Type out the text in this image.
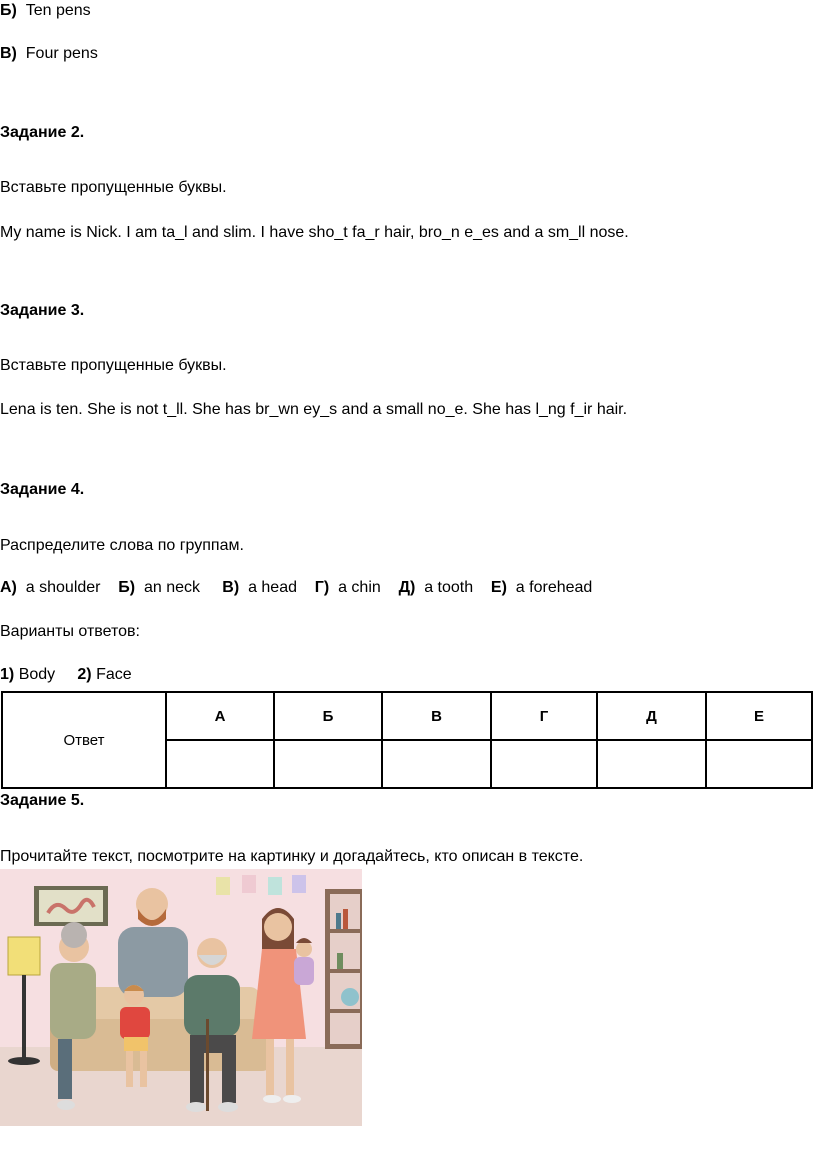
Б) Ten pens
В) Four pens
Задание 2.
Вставьте пропущенные буквы.
My name is Nick. I am ta_l and slim. I have sho_t fa_r hair, bro_n e_es and a sm_ll nose.
Задание 3.
Вставьте пропущенные буквы.
Lena is ten. She is not t_ll. She has br_wn ey_s and a small no_e. She has l_ng f_ir hair.
Задание 4.
Распределите слова по группам.
А) a shoulder Б) an neck В) a head Г) a chin Д) a tooth Е) a forehead
Варианты ответов:
1) Body 2) Face
Ответ	А	Б	В	Г	Д	Е

Задание 5.
Прочитайте текст, посмотрите на картинку и догадайтесь, кто описан в тексте.
